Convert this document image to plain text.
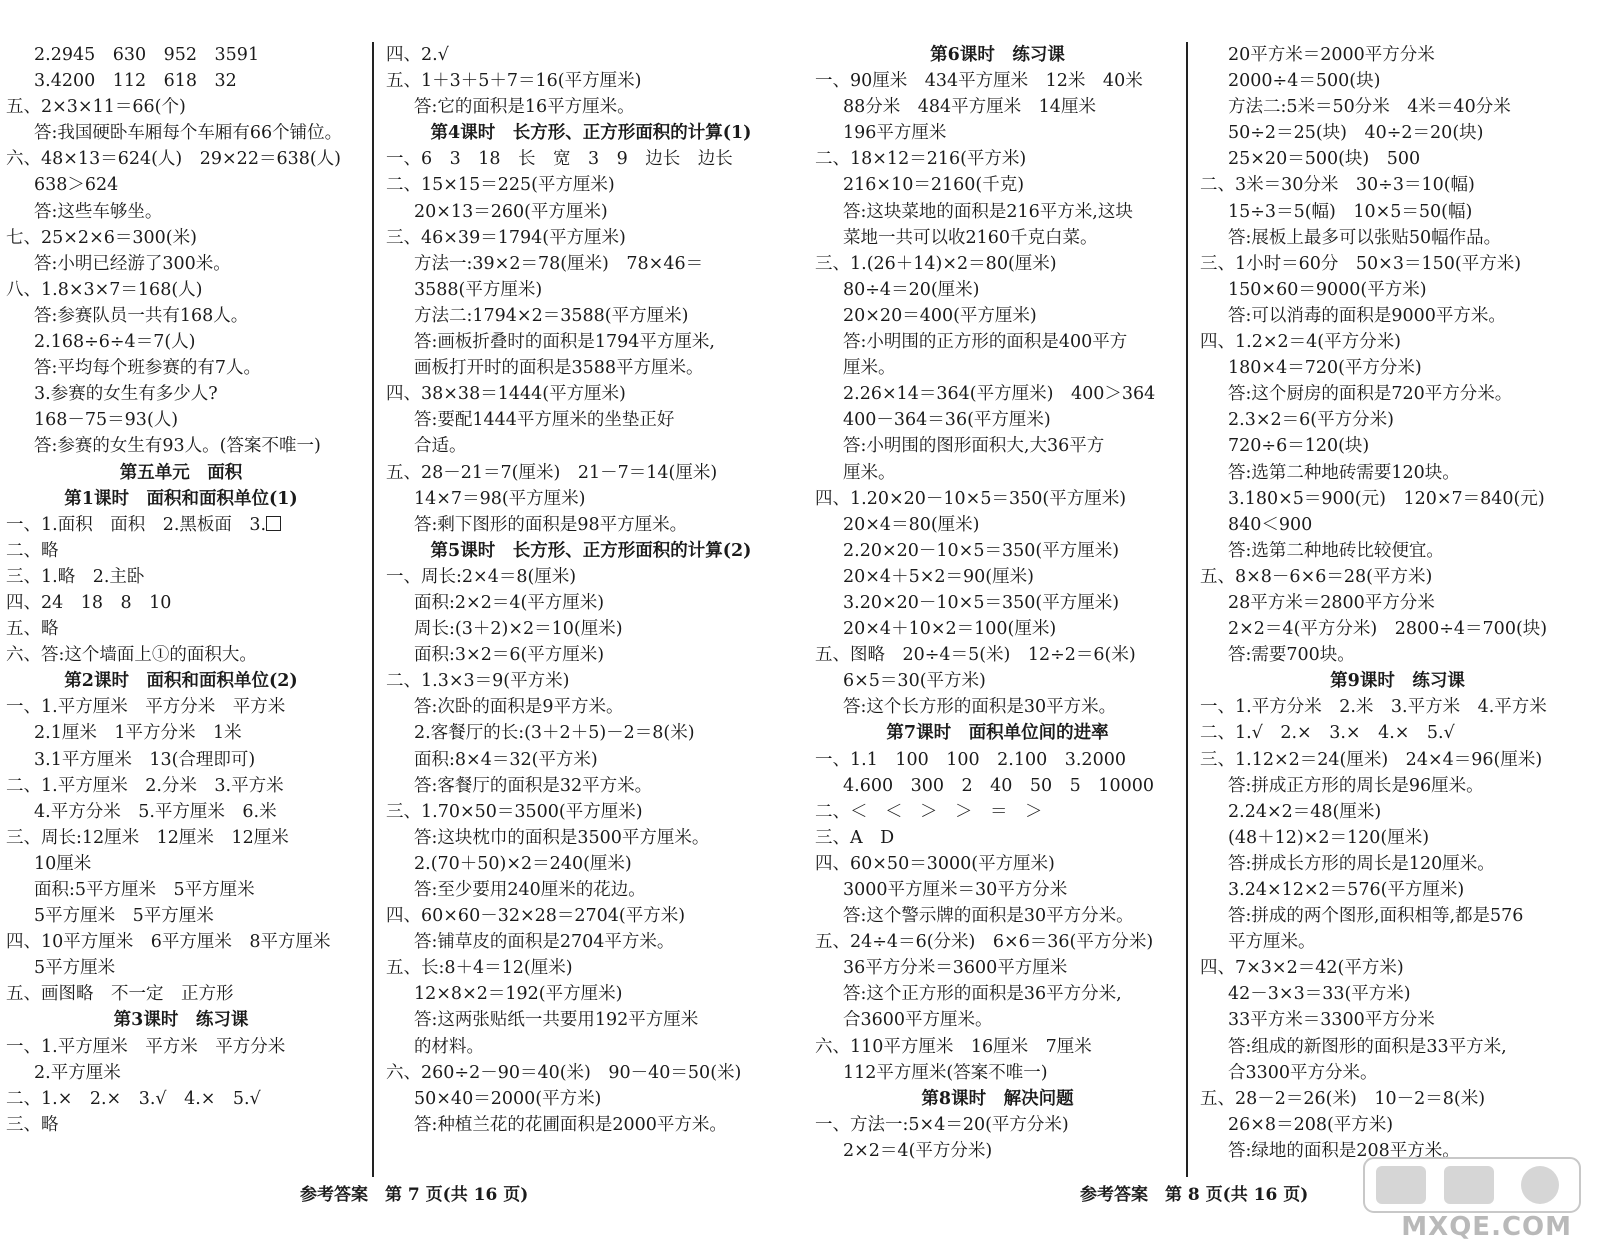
2.2945　630　952　3591
3.4200　112　618　32
五、2×3×11＝66(个)
答:我国硬卧车厢每个车厢有66个铺位。
六、48×13＝624(人)　29×22＝638(人)
638＞624
答:这些车够坐。
七、25×2×6＝300(米)
答:小明已经游了300米。
八、1.8×3×7＝168(人)
答:参赛队员一共有168人。
2.168÷6÷4＝7(人)
答:平均每个班参赛的有7人。
3.参赛的女生有多少人?
168－75＝93(人)
答:参赛的女生有93人。(答案不唯一)
第五单元　面积
第1课时　面积和面积单位(1)
一、1.面积　面积　2.黑板面　3.
二、略
三、1.略　2.主卧
四、24　18　8　10
五、略
六、答:这个墙面上①的面积大。
第2课时　面积和面积单位(2)
一、1.平方厘米　平方分米　平方米
2.1厘米　1平方分米　1米
3.1平方厘米　13(合理即可)
二、1.平方厘米　2.分米　3.平方米
4.平方分米　5.平方厘米　6.米
三、周长:12厘米　12厘米　12厘米
10厘米
面积:5平方厘米　5平方厘米
5平方厘米　5平方厘米
四、10平方厘米　6平方厘米　8平方厘米
5平方厘米
五、画图略　不一定　正方形
第3课时　练习课
一、1.平方厘米　平方米　平方分米
2.平方厘米
二、1.×　2.×　3.√　4.×　5.√
三、略
四、2.√
五、1＋3＋5＋7＝16(平方厘米)
答:它的面积是16平方厘米。
第4课时　长方形、正方形面积的计算(1)
一、6　3　18　长　宽　3　9　边长　边长
二、15×15＝225(平方厘米)
20×13＝260(平方厘米)
三、46×39＝1794(平方厘米)
方法一:39×2＝78(厘米)　78×46＝
3588(平方厘米)
方法二:1794×2＝3588(平方厘米)
答:画板折叠时的面积是1794平方厘米,
画板打开时的面积是3588平方厘米。
四、38×38＝1444(平方厘米)
答:要配1444平方厘米的坐垫正好
合适。
五、28－21＝7(厘米)　21－7＝14(厘米)
14×7＝98(平方厘米)
答:剩下图形的面积是98平方厘米。
第5课时　长方形、正方形面积的计算(2)
一、周长:2×4＝8(厘米)
面积:2×2＝4(平方厘米)
周长:(3＋2)×2＝10(厘米)
面积:3×2＝6(平方厘米)
二、1.3×3＝9(平方米)
答:次卧的面积是9平方米。
2.客餐厅的长:(3＋2＋5)－2＝8(米)
面积:8×4＝32(平方米)
答:客餐厅的面积是32平方米。
三、1.70×50＝3500(平方厘米)
答:这块枕巾的面积是3500平方厘米。
2.(70＋50)×2＝240(厘米)
答:至少要用240厘米的花边。
四、60×60－32×28＝2704(平方米)
答:铺草皮的面积是2704平方米。
五、长:8＋4＝12(厘米)
12×8×2＝192(平方厘米)
答:这两张贴纸一共要用192平方厘米
的材料。
六、260÷2－90＝40(米)　90－40＝50(米)
50×40＝2000(平方米)
答:种植兰花的花圃面积是2000平方米。
第6课时　练习课
一、90厘米　434平方厘米　12米　40米
88分米　484平方厘米　14厘米
196平方厘米
二、18×12＝216(平方米)
216×10＝2160(千克)
答:这块菜地的面积是216平方米,这块
菜地一共可以收2160千克白菜。
三、1.(26＋14)×2＝80(厘米)
80÷4＝20(厘米)
20×20＝400(平方厘米)
答:小明围的正方形的面积是400平方
厘米。
2.26×14＝364(平方厘米)　400＞364
400－364＝36(平方厘米)
答:小明围的图形面积大,大36平方
厘米。
四、1.20×20－10×5＝350(平方厘米)
20×4＝80(厘米)
2.20×20－10×5＝350(平方厘米)
20×4＋5×2＝90(厘米)
3.20×20－10×5＝350(平方厘米)
20×4＋10×2＝100(厘米)
五、图略　20÷4＝5(米)　12÷2＝6(米)
6×5＝30(平方米)
答:这个长方形的面积是30平方米。
第7课时　面积单位间的进率
一、1.1　100　100　2.100　3.2000
4.600　300　2　40　50　5　10000
二、＜　＜　＞　＞　＝　＞
三、A　D
四、60×50＝3000(平方厘米)
3000平方厘米＝30平方分米
答:这个警示牌的面积是30平方分米。
五、24÷4＝6(分米)　6×6＝36(平方分米)
36平方分米＝3600平方厘米
答:这个正方形的面积是36平方分米,
合3600平方厘米。
六、110平方厘米　16厘米　7厘米
112平方厘米(答案不唯一)
第8课时　解决问题
一、方法一:5×4＝20(平方分米)
2×2＝4(平方分米)
20平方米＝2000平方分米
2000÷4＝500(块)
方法二:5米＝50分米　4米＝40分米
50÷2＝25(块)　40÷2＝20(块)
25×20＝500(块)　500
二、3米＝30分米　30÷3＝10(幅)
15÷3＝5(幅)　10×5＝50(幅)
答:展板上最多可以张贴50幅作品。
三、1小时＝60分　50×3＝150(平方米)
150×60＝9000(平方米)
答:可以消毒的面积是9000平方米。
四、1.2×2＝4(平方分米)
180×4＝720(平方分米)
答:这个厨房的面积是720平方分米。
2.3×2＝6(平方分米)
720÷6＝120(块)
答:选第二种地砖需要120块。
3.180×5＝900(元)　120×7＝840(元)
840＜900
答:选第二种地砖比较便宜。
五、8×8－6×6＝28(平方米)
28平方米＝2800平方分米
2×2＝4(平方分米)　2800÷4＝700(块)
答:需要700块。
第9课时　练习课
一、1.平方分米　2.米　3.平方米　4.平方米
二、1.√　2.×　3.×　4.×　5.√
三、1.12×2＝24(厘米)　24×4＝96(厘米)
答:拼成正方形的周长是96厘米。
2.24×2＝48(厘米)
(48＋12)×2＝120(厘米)
答:拼成长方形的周长是120厘米。
3.24×12×2＝576(平方厘米)
答:拼成的两个图形,面积相等,都是576
平方厘米。
四、7×3×2＝42(平方米)
42－3×3＝33(平方米)
33平方米＝3300平方分米
答:组成的新图形的面积是33平方米,
合3300平方分米。
五、28－2＝26(米)　10－2＝8(米)
26×8＝208(平方米)
答:绿地的面积是208平方米。
参考答案　第 7 页(共 16 页)	参考答案　第 8 页(共 16 页)
MXQE.COM
